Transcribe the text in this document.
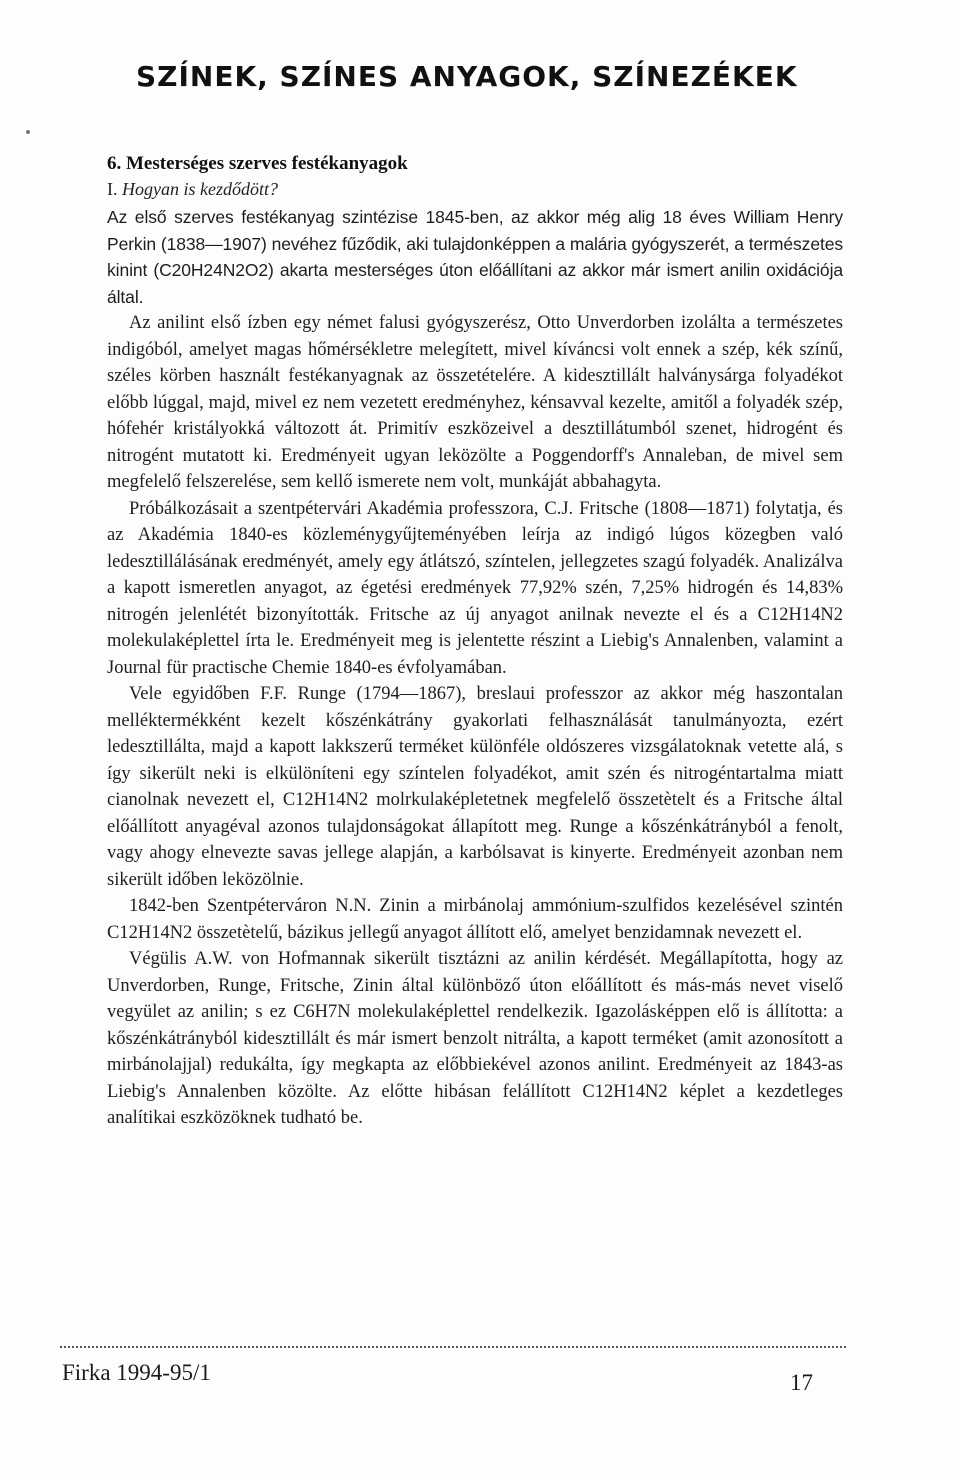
SZÍNEK, SZÍNES ANYAGOK, SZÍNEZÉKEK
6. Mesterséges szerves festékanyagok
I. Hogyan is kezdődött?

Az első szerves festékanyag szintézise 1845-ben, az akkor még alig 18 éves William Henry Perkin (1838—1907) nevéhez fűződik, aki tulajdonképpen a malária gyógyszerét, a természetes kinint (C20H24N2O2) akarta mesterséges úton előállítani az akkor már ismert anilin oxidációja által.

Az anilint első ízben egy német falusi gyógyszerész, Otto Unverdorben izolálta a természetes indigóból, amelyet magas hőmérsékletre melegített, mivel kíváncsi volt ennek a szép, kék színű, széles körben használt festékanyagnak az összetételére. A kidesztillált halványsárga folyadékot előbb lúggal, majd, mivel ez nem vezetett eredményhez, kénsavval kezelte, amitől a folyadék szép, hófehér kristályokká változott át. Primitív eszközeivel a desztillátumból szenet, hidrogént és nitrogént mutatott ki. Eredményeit ugyan leközölte a Poggendorff's Annaleban, de mivel sem megfelelő felszerelése, sem kellő ismerete nem volt, munkáját abbahagyta.

Próbálkozásait a szentpétervári Akadémia professzora, C.J. Fritsche (1808—1871) folytatja, és az Akadémia 1840-es közleménygyűjteményében leírja az indigó lúgos közegben való ledesztillálásának eredményét, amely egy átlátszó, színtelen, jellegzetes szagú folyadék. Analizálva a kapott ismeretlen anyagot, az égetési eredmények 77,92% szén, 7,25% hidrogén és 14,83% nitrogén jelenlétét bizonyították. Fritsche az új anyagot anilnak nevezte el és a C12H14N2 molekulaképlettel írta le. Eredményeit meg is jelentette részint a Liebig's Annalenben, valamint a Journal für practische Chemie 1840-es évfolyamában.

Vele egyidőben F.F. Runge (1794—1867), breslaui professzor az akkor még haszontalan melléktermékként kezelt kőszénkátrány gyakorlati felhasználását tanulmányozta, ezért ledesztillálta, majd a kapott lakkszerű terméket különféle oldószeres vizsgálatoknak vetette alá, s így sikerült neki is elkülöníteni egy színtelen folyadékot, amit szén és nitrogéntartalma miatt cianolnak nevezett el, C12H14N2 molrkulaképletetnek megfelelő összetètelt és a Fritsche által előállított anyagéval azonos tulajdonságokat állapított meg. Runge a kőszénkátrányból a fenolt, vagy ahogy elnevezte savas jellege alapján, a karbólsavat is kinyerte. Eredményeit azonban nem sikerült időben leközölnie.

1842-ben Szentpéterváron N.N. Zinin a mirbánolaj ammónium-szulfidos kezelésével szintén C12H14N2 összetètelű, bázikus jellegű anyagot állított elő, amelyet benzidamnak nevezett el.

Végülis A.W. von Hofmannak sikerült tisztázni az anilin kérdését. Megállapította, hogy az Unverdorben, Runge, Fritsche, Zinin által különböző úton előállított és más-más nevet viselő vegyület az anilin; s ez C6H7N molekulaképlettel rendelkezik. Igazolásképpen elő is állította: a kőszénkátrányból kidesztillált és már ismert benzolt nitrálta, a kapott terméket (amit azonosított a mirbánolajjal) redukálta, így megkapta az előbbiekével azonos anilint. Eredményeit az 1843-as Liebig's Annalenben közölte. Az előtte hibásan felállított C12H14N2 képlet a kezdetleges analítikai eszközöknek tudható be.

Firka 1994-95/1	17
